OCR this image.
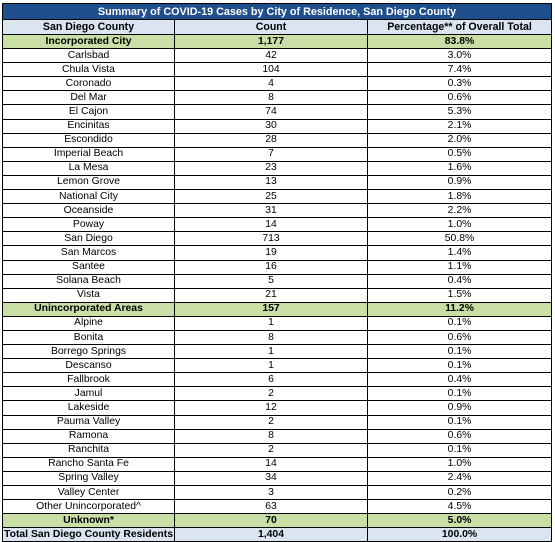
Summary of COVID-19 Cases by City of Residence, San Diego County		
San Diego County	Count	Percentage** of Overall Total
Incorporated City	1,177	83.8%
Carlsbad	42	3.0%
Chula Vista	104	7.4%
Coronado	4	0.3%
Del Mar	8	0.6%
El Cajon	74	5.3%
Encinitas	30	2.1%
Escondido	28	2.0%
Imperial Beach	7	0.5%
La Mesa	23	1.6%
Lemon Grove	13	0.9%
National City	25	1.8%
Oceanside	31	2.2%
Poway	14	1.0%
San Diego	713	50.8%
San Marcos	19	1.4%
Santee	16	1.1%
Solana Beach	5	0.4%
Vista	21	1.5%
Unincorporated Areas	157	11.2%
Alpine	1	0.1%
Bonita	8	0.6%
Borrego Springs	1	0.1%
Descanso	1	0.1%
Fallbrook	6	0.4%
Jamul	2	0.1%
Lakeside	12	0.9%
Pauma Valley	2	0.1%
Ramona	8	0.6%
Ranchita	2	0.1%
Rancho Santa Fe	14	1.0%
Spring Valley	34	2.4%
Valley Center	3	0.2%
Other Unincorporated^	63	4.5%
Unknown*	70	5.0%
Total San Diego County Residents	1,404	100.0%
